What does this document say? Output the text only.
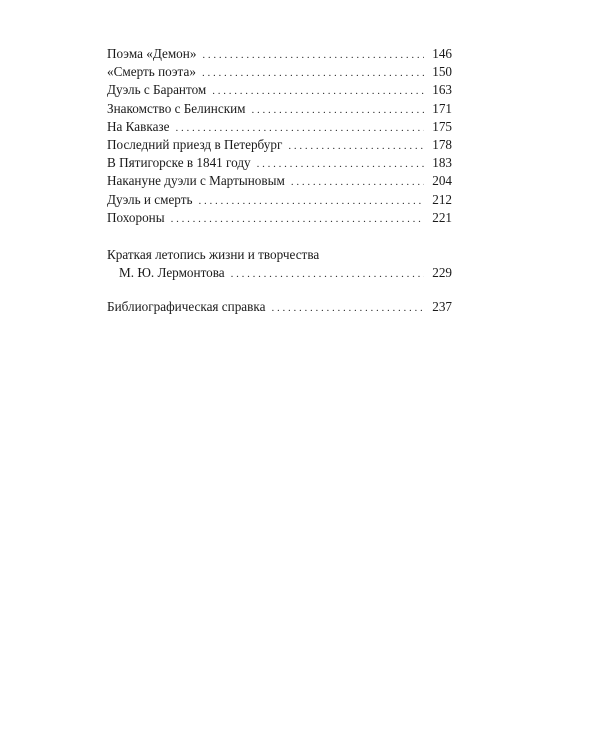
Поэма «Демон» . . .	146
«Смерть поэта» . . .	150
Дуэль с Барантом . . .	163
Знакомство с Белинским . . .	171
На Кавказе . . .	175
Последний приезд в Петербург . . .	178
В Пятигорске в 1841 году . . .	183
Накануне дуэли с Мартыновым . . .	204
Дуэль и смерть . . .	212
Похороны . . .	221
Краткая летопись жизни и творчества
М. Ю. Лермонтова . . .	229
Библиографическая справка . . .	237
